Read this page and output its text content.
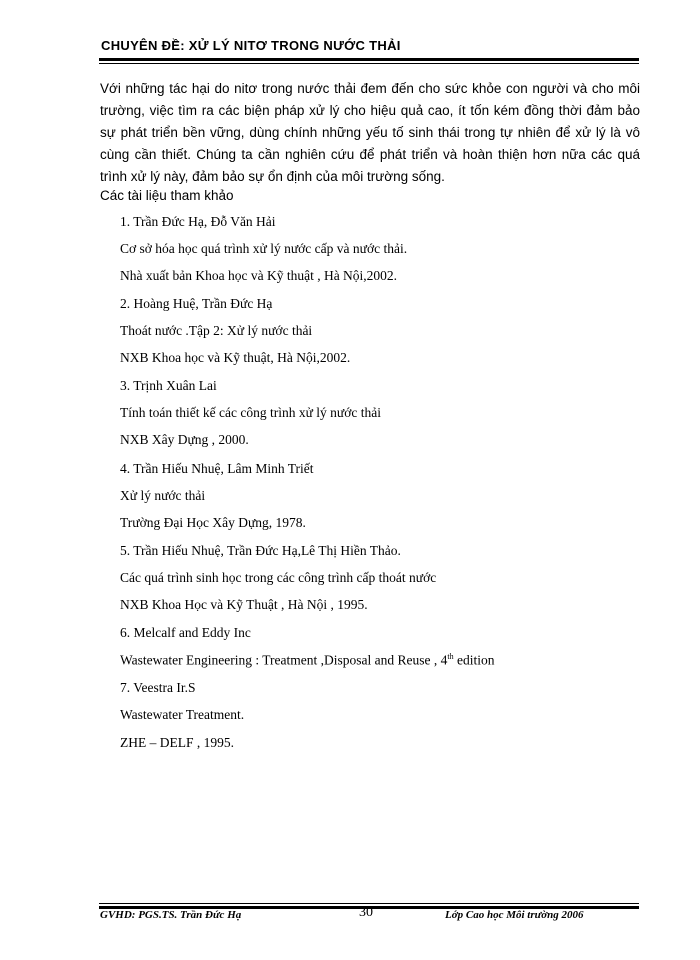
CHUYÊN ĐỀ: XỬ LÝ NITƠ TRONG NƯỚC THẢI
Với những tác hại do nitơ trong nước thải đem đến cho sức khỏe con người và cho môi trường, việc tìm ra các biện pháp xử lý cho hiệu quả cao, ít tốn kém đồng thời đảm bảo sự phát triển bền vững, dùng chính những yếu tố sinh thái trong tự nhiên để xử lý là vô cùng cần thiết. Chúng ta cần nghiên cứu để phát triển và hoàn thiện hơn nữa các quá trình xử lý này, đảm bảo sự ổn định của môi trường sống.
Các tài liệu tham khảo
1. Trần Đức Hạ, Đỗ Văn Hải
Cơ sở hóa học quá trình xử lý nước cấp và nước thải.
Nhà xuất bản Khoa học và Kỹ thuật , Hà Nội,2002.
2. Hoàng Huệ, Trần Đức Hạ
Thoát nước .Tập 2: Xử lý nước thải
NXB Khoa học và Kỹ thuật, Hà Nội,2002.
3. Trịnh Xuân Lai
Tính toán thiết kế các công trình xử lý nước thải
NXB Xây Dựng , 2000.
4. Trần Hiếu Nhuệ, Lâm Minh Triết
Xử lý nước thải
Trường Đại Học Xây Dựng, 1978.
5. Trần Hiếu Nhuệ, Trần Đức Hạ,Lê Thị Hiền Thảo.
Các quá trình sinh học trong các công trình cấp thoát nước
NXB Khoa Học và Kỹ Thuật , Hà Nội , 1995.
6. Melcalf and Eddy Inc
Wastewater Engineering : Treatment ,Disposal and Reuse , 4th edition
7. Veestra Ir.S
Wastewater Treatment.
ZHE – DELF , 1995.
GVHD: PGS.TS. Trần Đức Hạ	30	Lớp Cao học Môi trường 2006
